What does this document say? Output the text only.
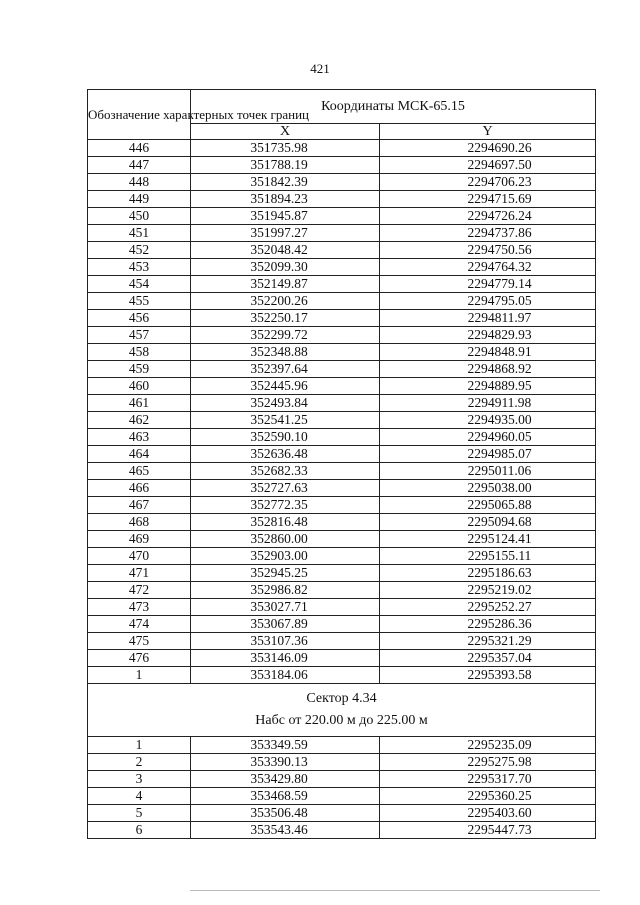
421
Обозначение характерных точек границ	Координаты МСК-65.15	
	X	Y
446	351735.98	2294690.26
447	351788.19	2294697.50
448	351842.39	2294706.23
449	351894.23	2294715.69
450	351945.87	2294726.24
451	351997.27	2294737.86
452	352048.42	2294750.56
453	352099.30	2294764.32
454	352149.87	2294779.14
455	352200.26	2294795.05
456	352250.17	2294811.97
457	352299.72	2294829.93
458	352348.88	2294848.91
459	352397.64	2294868.92
460	352445.96	2294889.95
461	352493.84	2294911.98
462	352541.25	2294935.00
463	352590.10	2294960.05
464	352636.48	2294985.07
465	352682.33	2295011.06
466	352727.63	2295038.00
467	352772.35	2295065.88
468	352816.48	2295094.68
469	352860.00	2295124.41
470	352903.00	2295155.11
471	352945.25	2295186.63
472	352986.82	2295219.02
473	353027.71	2295252.27
474	353067.89	2295286.36
475	353107.36	2295321.29
476	353146.09	2295357.04
1	353184.06	2295393.58

Сектор 4.34
Набс от 220.00 м до 225.00 м		

1	353349.59	2295235.09
2	353390.13	2295275.98
3	353429.80	2295317.70
4	353468.59	2295360.25
5	353506.48	2295403.60
6	353543.46	2295447.73
